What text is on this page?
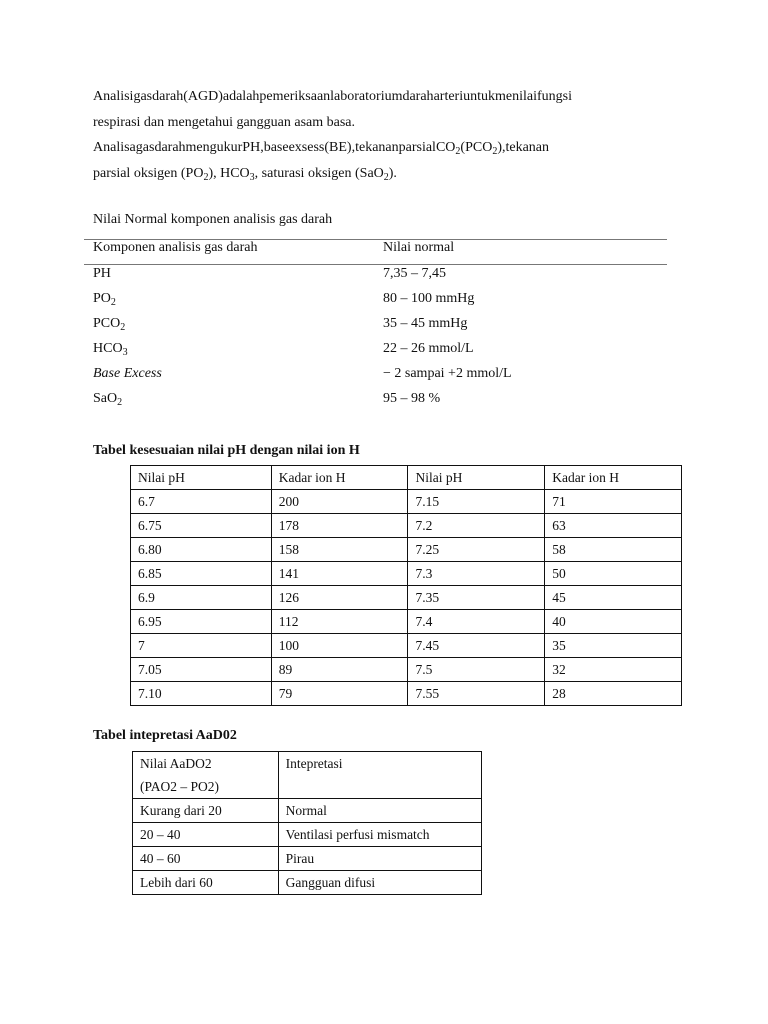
Analisigasdarah(AGD)adalahpemeriksaanlaboratoriumdaraharteriuntukmenilaifungsi
respirasi dan mengetahui gangguan asam basa.
$AnalisagasdarahmengukurPH,baseexsess(BE),tekananparsialCO_2(PCO_2),tekanan$
parsial oksigen $(PO_2)$, $HCO_3$, saturasi oksigen (SaO$_2$).
Nilai Normal komponen analisis gas darah
Komponen analisis gas darah	Nilai normal
PH	7,35 – 7,45
$PO_2$	80 – 100 mmHg
$PCO_2$	35 – 45 mmHg
$HCO_3$	22 – 26 mmol/L
Base Excess	− 2 sampai +2 mmol/L
SaO$_2$	95 – 98 %
Tabel kesesuaian nilai pH dengan nilai ion H
Nilai pH	Kadar ion H	Nilai pH	Kadar ion H
6.7	200	7.15	71
6.75	178	7.2	63
6.80	158	7.25	58
6.85	141	7.3	50
6.9	126	7.35	45
6.95	112	7.4	40
7	100	7.45	35
7.05	89	7.5	32
7.10	79	7.55	28
Tabel intepretasi AaD02
Nilai AaDO2
(PAO2 – PO2)	Intepretasi
Kurang dari 20	Normal
20 – 40	Ventilasi perfusi mismatch
40 – 60	Pirau
Lebih dari 60	Gangguan difusi
